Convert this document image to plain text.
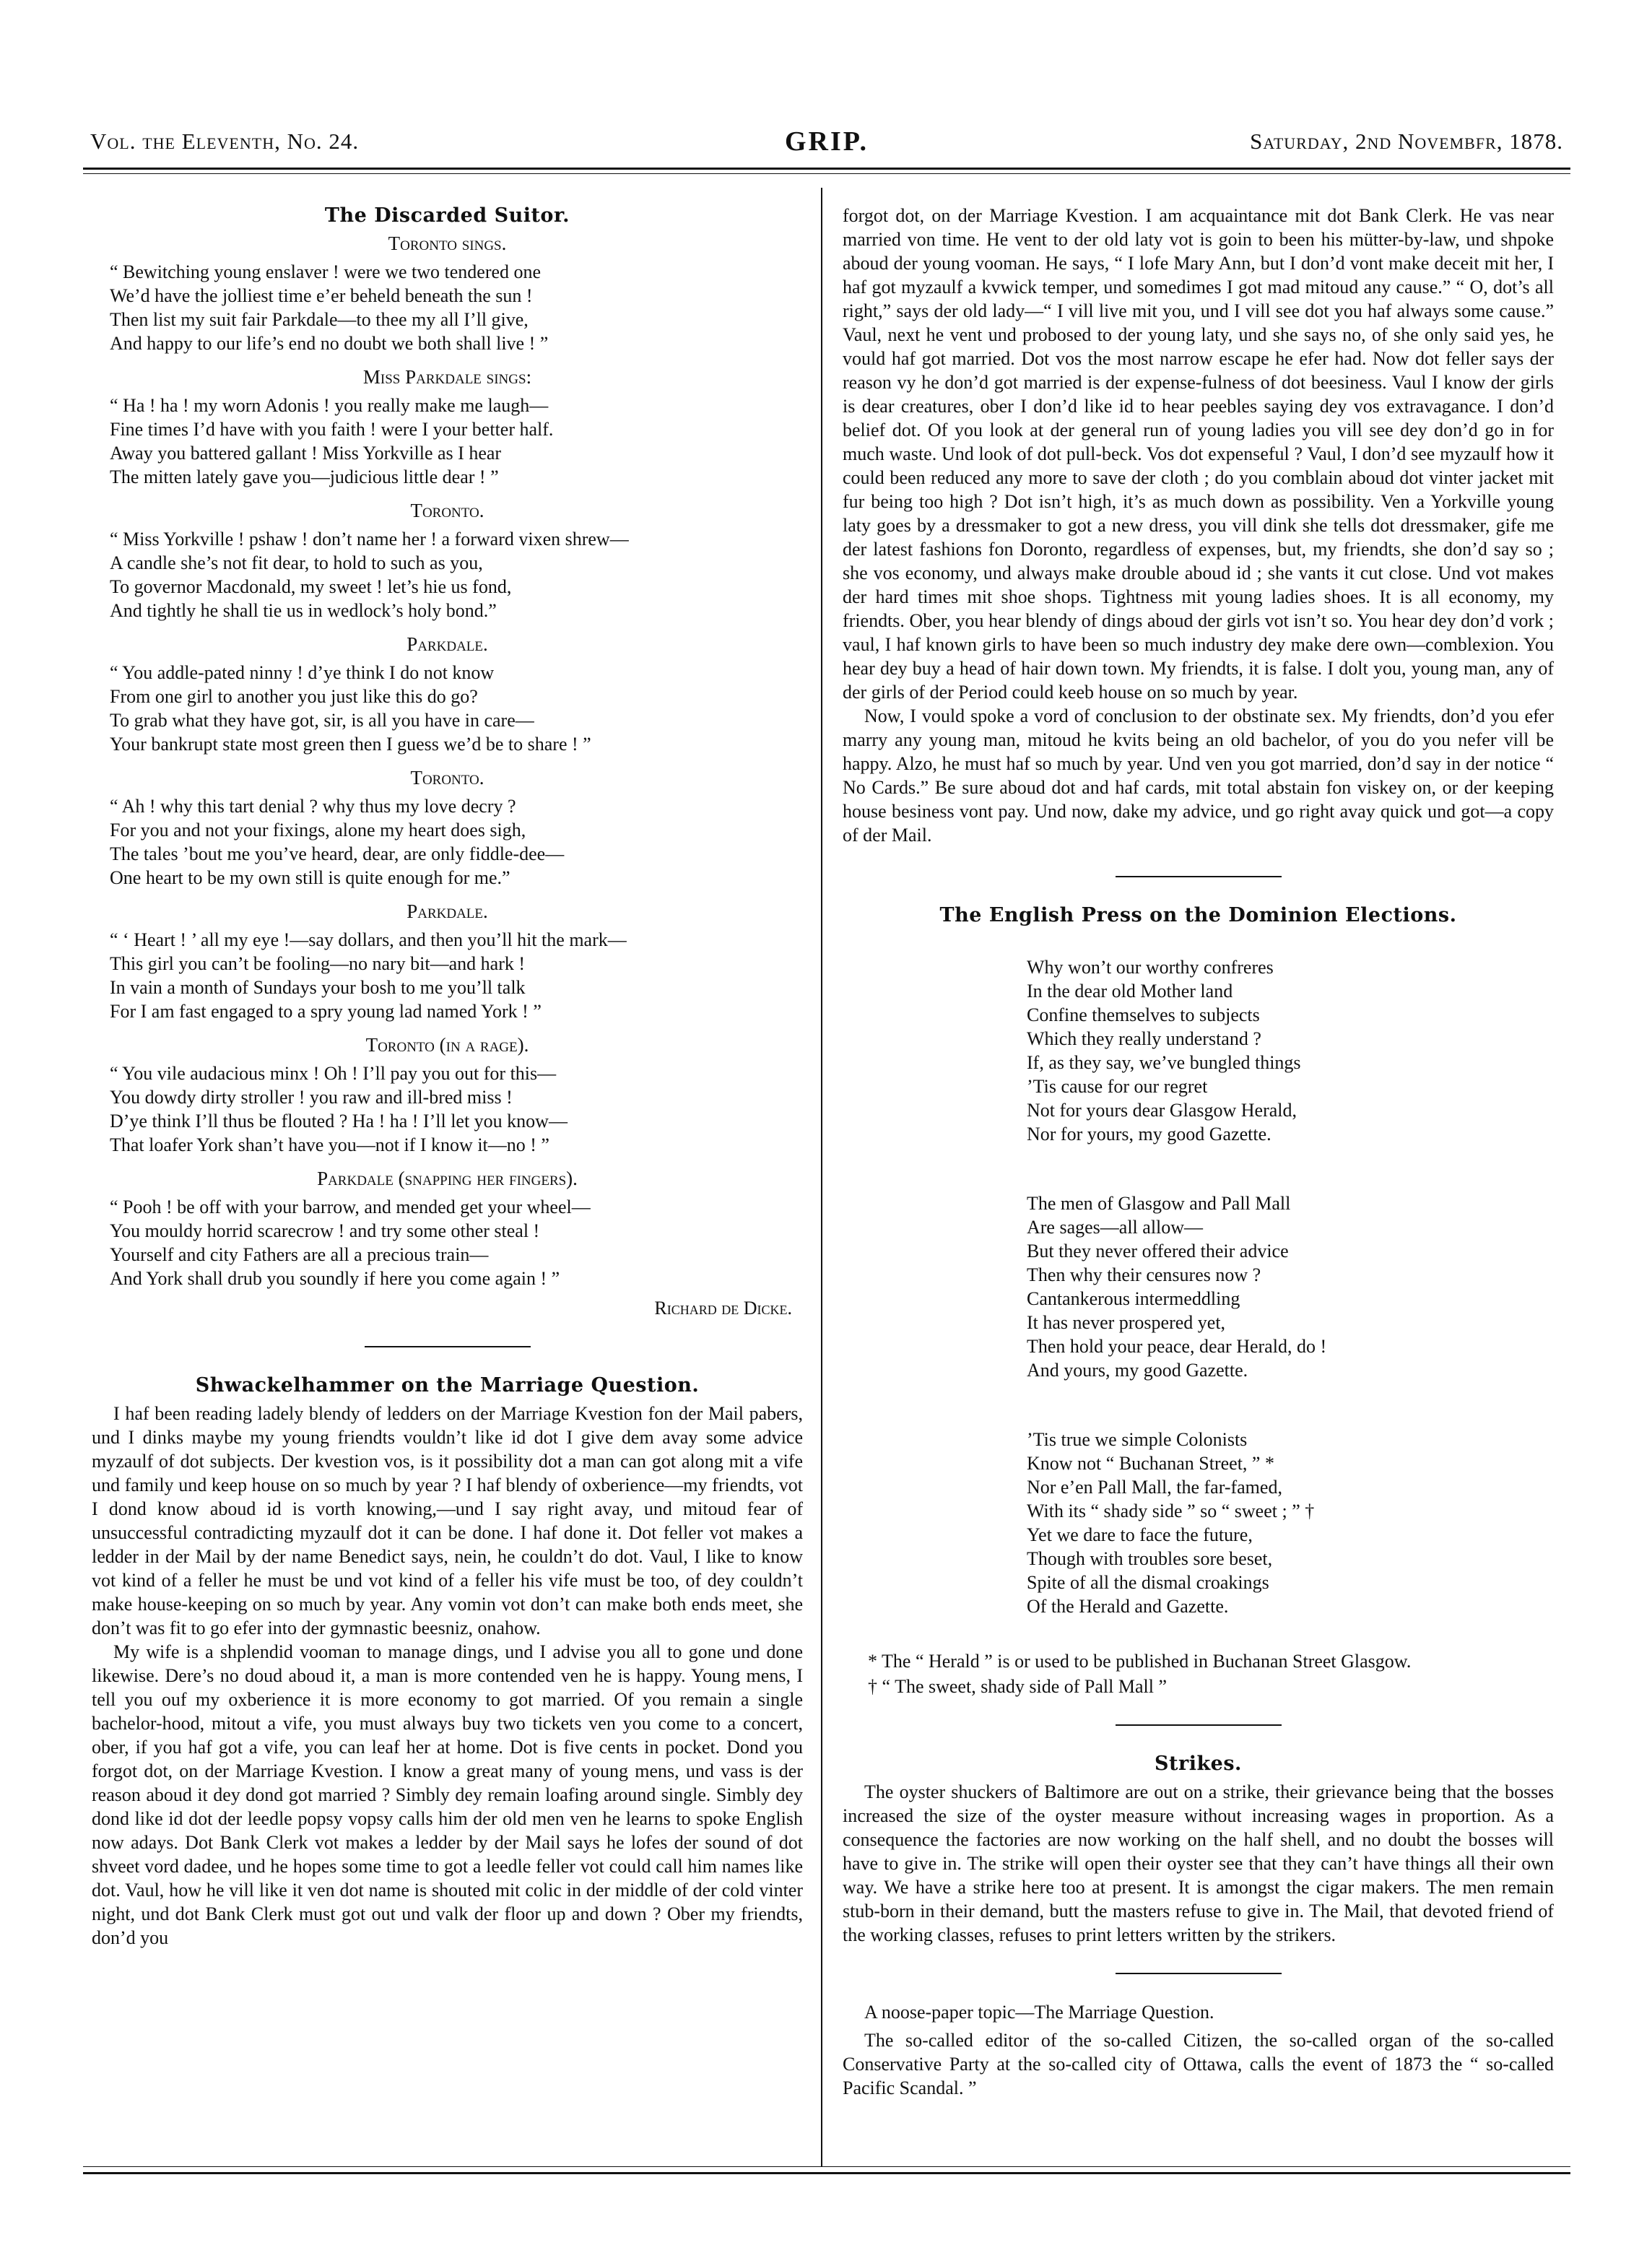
Vol. the Eleventh, No. 24.	GRIP.	Saturday, 2nd Novembfr, 1878.
The Discarded Suitor.
Toronto sings.
“ Bewitching young enslaver ! were we two tendered one
We’d have the jolliest time e’er beheld beneath the sun !
Then list my suit fair Parkdale—to thee my all I’ll give,
And happy to our life’s end no doubt we both shall live ! ”
Miss Parkdale sings:
“ Ha ! ha ! my worn Adonis ! you really make me laugh—
Fine times I’d have with you faith ! were I your better half.
Away you battered gallant ! Miss Yorkville as I hear
The mitten lately gave you—judicious little dear ! ”
Toronto.
“ Miss Yorkville ! pshaw ! don’t name her ! a forward vixen shrew—
A candle she’s not fit dear, to hold to such as you,
To governor Macdonald, my sweet ! let’s hie us fond,
And tightly he shall tie us in wedlock’s holy bond.”
Parkdale.
“ You addle-pated ninny ! d’ye think I do not know
From one girl to another you just like this do go?
To grab what they have got, sir, is all you have in care—
Your bankrupt state most green then I guess we’d be to share ! ”
Toronto.
“ Ah ! why this tart denial ? why thus my love decry ?
For you and not your fixings, alone my heart does sigh,
The tales ’bout me you’ve heard, dear, are only fiddle-dee—
One heart to be my own still is quite enough for me.”
Parkdale.
“ ‘ Heart ! ’ all my eye !—say dollars, and then you’ll hit the mark—
This girl you can’t be fooling—no nary bit—and hark !
In vain a month of Sundays your bosh to me you’ll talk
For I am fast engaged to a spry young lad named York ! ”
Toronto (in a rage).
“ You vile audacious minx ! Oh ! I’ll pay you out for this—
You dowdy dirty stroller ! you raw and ill-bred miss !
D’ye think I’ll thus be flouted ? Ha ! ha ! I’ll let you know—
That loafer York shan’t have you—not if I know it—no ! ”
Parkdale (snapping her fingers).
“ Pooh ! be off with your barrow, and mended get your wheel—
You mouldy horrid scarecrow ! and try some other steal !
Yourself and city Fathers are all a precious train—
And York shall drub you soundly if here you come again ! ”
Richard de Dicke.
Shwackelhammer on the Marriage Question.

I haf been reading ladely blendy of ledders on der Marriage Kvestion fon der Mail pabers, und I dinks maybe my young friendts vouldn’t like id dot I give dem avay some advice myzaulf of dot subjects. Der kvestion vos, is it possibility dot a man can got along mit a vife und family und keep house on so much by year ? I haf blendy of oxberience—my friendts, vot I dond know aboud id is vorth knowing,—und I say right avay, und mitoud fear of unsuccessful contradicting myzaulf dot it can be done. I haf done it. Dot feller vot makes a ledder in der Mail by der name Benedict says, nein, he couldn’t do dot. Vaul, I like to know vot kind of a feller he must be und vot kind of a feller his vife must be too, of dey couldn’t make house-keeping on so much by year. Any vomin vot don’t can make both ends meet, she don’t was fit to go efer into der gymnastic beesniz, onahow.

My wife is a shplendid vooman to manage dings, und I advise you all to gone und done likewise. Dere’s no doud aboud it, a man is more contended ven he is happy. Young mens, I tell you ouf my oxberience it is more economy to got married. Of you remain a single bachelor-hood, mitout a vife, you must always buy two tickets ven you come to a concert, ober, if you haf got a vife, you can leaf her at home. Dot is five cents in pocket. Dond you forgot dot, on der Marriage Kvestion. I know a great many of young mens, und vass is der reason aboud it dey dond got married ? Simbly dey remain loafing around single. Simbly dey dond like id dot der leedle popsy vopsy calls him der old men ven he learns to spoke English now adays. Dot Bank Clerk vot makes a ledder by der Mail says he lofes der sound of dot shveet vord dadee, und he hopes some time to got a leedle feller vot could call him names like dot. Vaul, how he vill like it ven dot name is shouted mit colic in der middle of der cold vinter night, und dot Bank Clerk must got out und valk der floor up and down ? Ober my friendts, don’d you

forgot dot, on der Marriage Kvestion. I am acquaintance mit dot Bank Clerk. He vas near married von time. He vent to der old laty vot is goin to been his mütter-by-law, und shpoke aboud der young vooman. He says, “ I lofe Mary Ann, but I don’d vont make deceit mit her, I haf got myzaulf a kvwick temper, und somedimes I got mad mitoud any cause.” “ O, dot’s all right,” says der old lady—“ I vill live mit you, und I vill see dot you haf always some cause.” Vaul, next he vent und probosed to der young laty, und she says no, of she only said yes, he vould haf got married. Dot vos the most narrow escape he efer had. Now dot feller says der reason vy he don’d got married is der expense-fulness of dot beesiness. Vaul I know der girls is dear creatures, ober I don’d like id to hear peebles saying dey vos extravagance. I don’d belief dot. Of you look at der general run of young ladies you vill see dey don’d go in for much waste. Und look of dot pull-beck. Vos dot expenseful ? Vaul, I don’d see myzaulf how it could been reduced any more to save der cloth ; do you comblain aboud dot vinter jacket mit fur being too high ? Dot isn’t high, it’s as much down as possibility. Ven a Yorkville young laty goes by a dressmaker to got a new dress, you vill dink she tells dot dressmaker, gife me der latest fashions fon Doronto, regardless of expenses, but, my friendts, she don’d say so ; she vos economy, und always make drouble aboud id ; she vants it cut close. Und vot makes der hard times mit shoe shops. Tightness mit young ladies shoes. It is all economy, my friendts. Ober, you hear blendy of dings aboud der girls vot isn’t so. You hear dey don’d vork ; vaul, I haf known girls to have been so much industry dey make dere own—comblexion. You hear dey buy a head of hair down town. My friendts, it is false. I dolt you, young man, any of der girls of der Period could keeb house on so much by year.

Now, I vould spoke a vord of conclusion to der obstinate sex. My friendts, don’d you efer marry any young man, mitoud he kvits being an old bachelor, of you do you nefer vill be happy. Alzo, he must haf so much by year. Und ven you got married, don’d say in der notice “ No Cards.” Be sure aboud dot and haf cards, mit total abstain fon viskey on, or der keeping house besiness vont pay. Und now, dake my advice, und go right avay quick und got—a copy of der Mail.

The English Press on the Dominion Elections.

Why won’t our worthy confreres
In the dear old Mother land
Confine themselves to subjects
Which they really understand ?
If, as they say, we’ve bungled things
’Tis cause for our regret
Not for yours dear Glasgow Herald,
Nor for yours, my good Gazette.

The men of Glasgow and Pall Mall
Are sages—all allow—
But they never offered their advice
Then why their censures now ?
Cantankerous intermeddling
It has never prospered yet,
Then hold your peace, dear Herald, do !
And yours, my good Gazette.

’Tis true we simple Colonists
Know not “ Buchanan Street, ” *
Nor e’en Pall Mall, the far-famed,
With its “ shady side ” so “ sweet ; ” †
Yet we dare to face the future,
Though with troubles sore beset,
Spite of all the dismal croakings
Of the Herald and Gazette.

* The “ Herald ” is or used to be published in Buchanan Street Glasgow.

† “ The sweet, shady side of Pall Mall ”

Strikes.

The oyster shuckers of Baltimore are out on a strike, their grievance being that the bosses increased the size of the oyster measure without increasing wages in proportion. As a consequence the factories are now working on the half shell, and no doubt the bosses will have to give in. The strike will open their oyster see that they can’t have things all their own way. We have a strike here too at present. It is amongst the cigar makers. The men remain stub-born in their demand, butt the masters refuse to give in. The Mail, that devoted friend of the working classes, refuses to print letters written by the strikers.

A noose-paper topic—The Marriage Question.

The so-called editor of the so-called Citizen, the so-called organ of the so-called Conservative Party at the so-called city of Ottawa, calls the event of 1873 the “ so-called Pacific Scandal. ”
